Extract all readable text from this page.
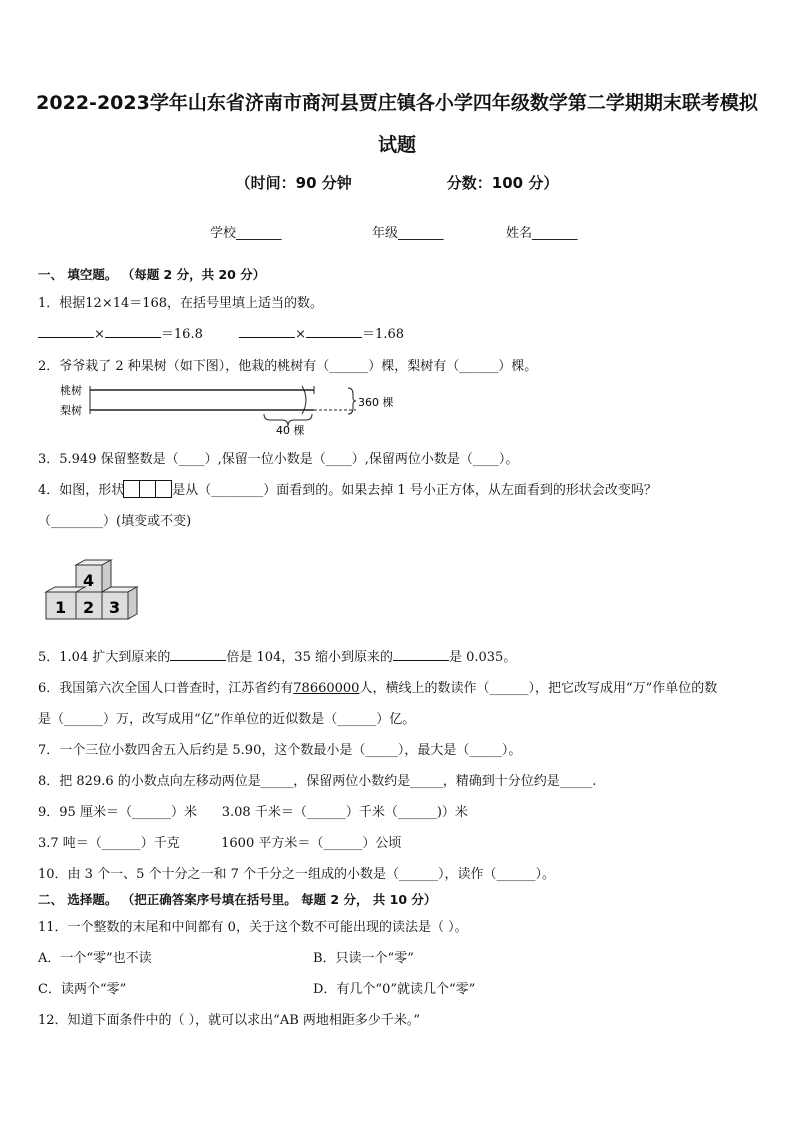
2022-2023学年山东省济南市商河县贾庄镇各小学四年级数学第二学期期末联考模拟
试题
（时间：90 分钟	分数：100 分）
学校_______	年级_______	姓名_______
一、 填空题。 （每题 2 分，共 20 分）
1．根据12×14＝168，在括号里填上适当的数。
×	＝16.8	×	＝1.68
2．爷爷栽了 2 种果树（如下图），他栽的桃树有（______）棵，梨树有（______）棵。
桃树
梨树
360 棵
40 棵
3．5.949 保留整数是（____）,保留一位小数是（____）,保留两位小数是（____）。
4．如图，形状	是从（________）面看到的。如果去掉 1 号小正方体，从左面看到的形状会改变吗？
（________）(填变或不变)
1 2 3
4
5．1.04 扩大到原来的	倍是 104，35 缩小到原来的	是 0.035。
6．我国第六次全国人口普查时，江苏省约有78660000人，横线上的数读作（______），把它改写成用“万”作单位的数
是（______）万，改写成用“亿”作单位的近似数是（______）亿。
7．一个三位小数四舍五入后约是 5.90，这个数最小是（_____），最大是（_____）。
8．把 829.6 的小数点向左移动两位是_____，保留两位小数约是_____，精确到十分位约是_____.
9．95 厘米＝（______）米      3.08 千米＝（______）千米（______)）米
3.7 吨＝（______）千克          1600 平方米＝（______）公顷
10．由 3 个一、5 个十分之一和 7 个千分之一组成的小数是（______），读作（______）。
二、 选择题。 （把正确答案序号填在括号里。 每题 2 分， 共 10 分）
11．一个整数的末尾和中间都有 0，关于这个数不可能出现的读法是（ ）。
A．一个“零”也不读	B．只读一个“零”
C．读两个“零”	D．有几个“0”就读几个“零”
12．知道下面条件中的（ ），就可以求出“AB 两地相距多少千米。”
